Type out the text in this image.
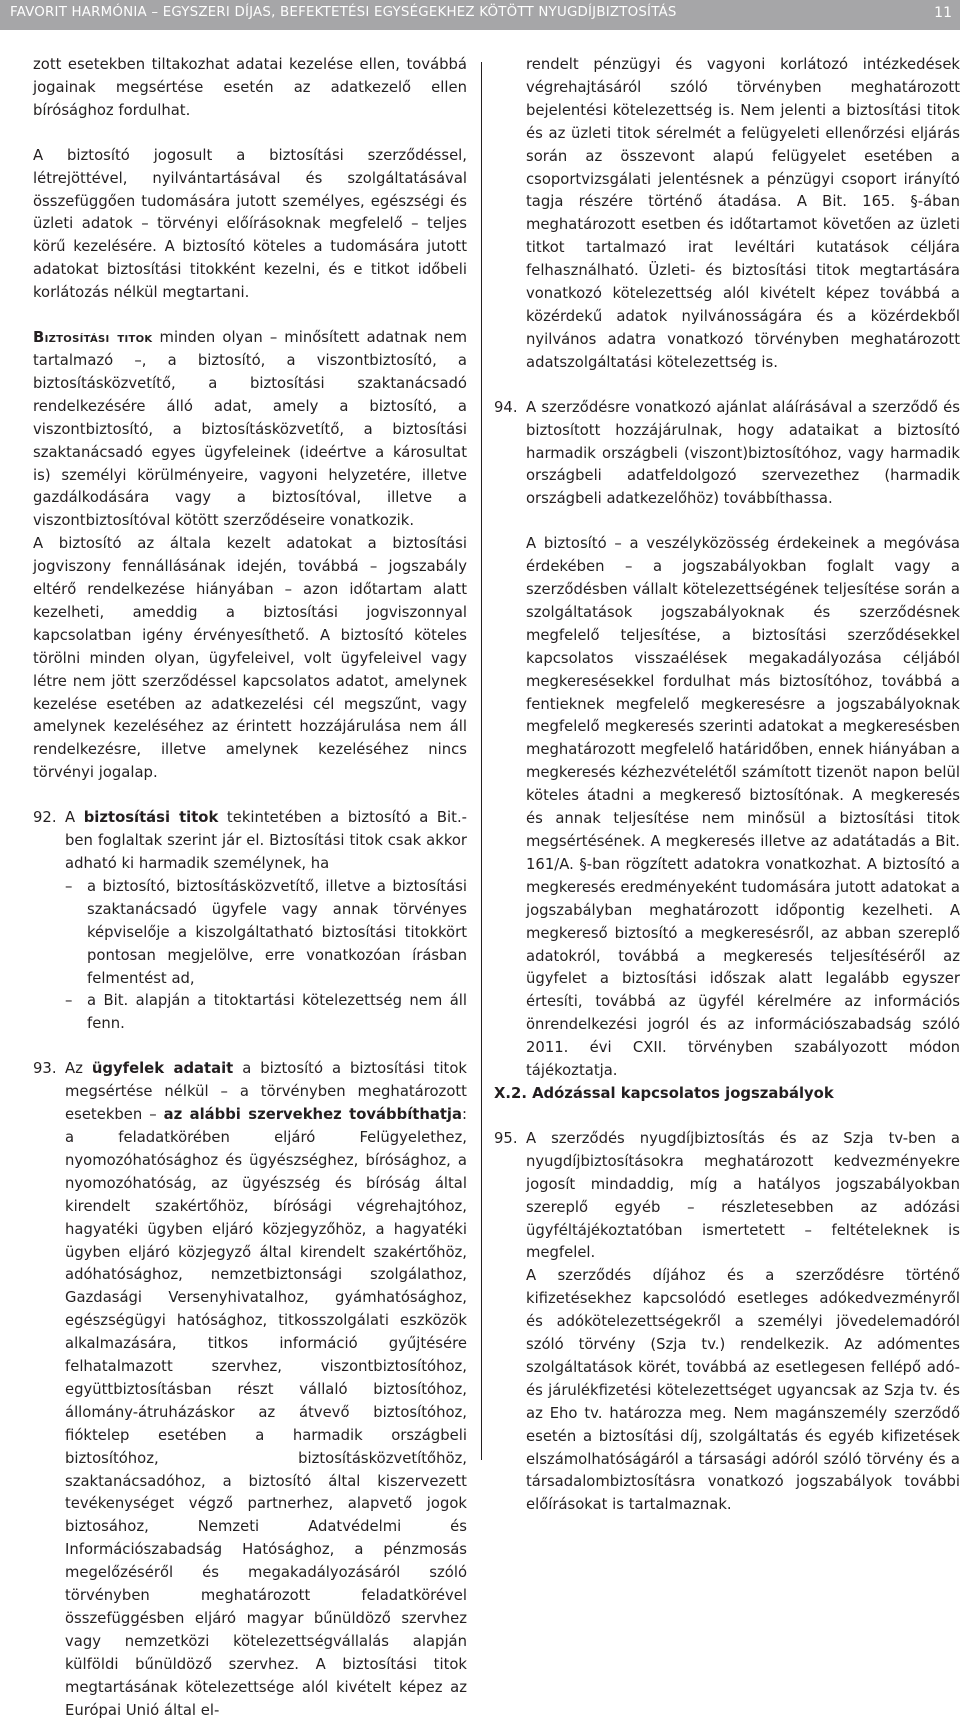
FAVORIT HARMÓNIA – EGYSZERI DÍJAS, BEFEKTETÉSI EGYSÉGEKHEZ KÖTÖTT NYUGDÍJBIZTOSÍTÁS	11

zott esetekben tiltakozhat adatai kezelése ellen, továbbá jogainak megsértése esetén az adatkezelő ellen bírósághoz fordulhat.

A biztosító jogosult a biztosítási szerződéssel, létrejöttével, nyilvántartásával és szolgáltatásával összefüggően tudomására jutott személyes, egészségi és üzleti adatok – törvényi előírásoknak megfelelő – teljes körű kezelésére. A biztosító köteles a tudomására jutott adatokat biztosítási titokként kezelni, és e titkot időbeli korlátozás nélkül megtartani.

Biztosítási titok minden olyan – minősített adatnak nem tartalmazó –, a biztosító, a viszontbiztosító, a biztosításközvetítő, a biztosítási szaktanácsadó rendelkezésére álló adat, amely a biztosító, a viszontbiztosító, a biztosításközvetítő, a biztosítási szaktanácsadó egyes ügyfeleinek (ideértve a károsultat is) személyi körülményeire, vagyoni helyzetére, illetve gazdálkodására vagy a biztosítóval, illetve a viszontbiztosítóval kötött szerződéseire vonatkozik.

A biztosító az általa kezelt adatokat a biztosítási jogviszony fennállásának idején, továbbá – jogszabály eltérő rendelkezése hiányában – azon időtartam alatt kezelheti, ameddig a biztosítási jogviszonnyal kapcsolatban igény érvényesíthető. A biztosító köteles törölni minden olyan, ügyfeleivel, volt ügyfeleivel vagy létre nem jött szerződéssel kapcsolatos adatot, amelynek kezelése esetében az adatkezelési cél megszűnt, vagy amelynek kezeléséhez az érintett hozzájárulása nem áll rendelkezésre, illetve amelynek kezeléséhez nincs törvényi jogalap.

92. A biztosítási titok tekintetében a biztosító a Bit.-ben foglaltak szerint jár el. Biztosítási titok csak akkor adható ki harmadik személynek, ha

– a biztosító, biztosításközvetítő, illetve a biztosítási szaktanácsadó ügyfele vagy annak törvényes képviselője a kiszolgáltatható biztosítási titokkört pontosan megjelölve, erre vonatkozóan írásban felmentést ad,

– a Bit. alapján a titoktartási kötelezettség nem áll fenn.

93. Az ügyfelek adatait a biztosító a biztosítási titok megsértése nélkül – a törvényben meghatározott esetekben – az alábbi szervekhez továbbíthatja: a feladatkörében eljáró Felügyelethez, nyomozóhatósághoz és ügyészséghez, bírósághoz, a nyomozóhatóság, az ügyészség és bíróság által kirendelt szakértőhöz, bírósági végrehajtóhoz, hagyatéki ügyben eljáró közjegyzőhöz, a hagyatéki ügyben eljáró közjegyző által kirendelt szakértőhöz, adóhatósághoz, nemzetbiztonsági szolgálathoz, Gazdasági Versenyhivatalhoz, gyámhatósághoz, egészségügyi hatósághoz, titkosszolgálati eszközök alkalmazására, titkos információ gyűjtésére felhatalmazott szervhez, viszontbiztosítóhoz, együttbiztosításban részt vállaló biztosítóhoz, állomány-átruházáskor az átvevő biztosítóhoz, fióktelep esetében a harmadik országbeli biztosítóhoz, biztosításközvetítőhöz, szaktanácsadóhoz, a biztosító által kiszervezett tevékenységet végző partnerhez, alapvető jogok biztosához, Nemzeti Adatvédelmi és Információszabadság Hatósághoz, a pénzmosás megelőzéséről és megakadályozásáról szóló törvényben meghatározott feladatkörével összefüggésben eljáró magyar bűnüldöző szervhez vagy nemzetközi kötelezettségvállalás alapján külföldi bűnüldöző szervhez. A biztosítási titok megtartásának kötelezettsége alól kivételt képez az Európai Unió által el-

rendelt pénzügyi és vagyoni korlátozó intézkedések végrehajtásáról szóló törvényben meghatározott bejelentési kötelezettség is. Nem jelenti a biztosítási titok és az üzleti titok sérelmét a felügyeleti ellenőrzési eljárás során az összevont alapú felügyelet esetében a csoportvizsgálati jelentésnek a pénzügyi csoport irányító tagja részére történő átadása. A Bit. 165. §-ában meghatározott esetben és időtartamot követően az üzleti titkot tartalmazó irat levéltári kutatások céljára felhasználható. Üzleti- és biztosítási titok megtartására vonatkozó kötelezettség alól kivételt képez továbbá a közérdekű adatok nyilvánosságára és a közérdekből nyilvános adatra vonatkozó törvényben meghatározott adatszolgáltatási kötelezettség is.

94. A szerződésre vonatkozó ajánlat aláírásával a szerződő és biztosított hozzájárulnak, hogy adataikat a biztosító harmadik országbeli (viszont)biztosítóhoz, vagy harmadik országbeli adatfeldolgozó szervezethez (harmadik országbeli adatkezelőhöz) továbbíthassa.

A biztosító – a veszélyközösség érdekeinek a megóvása érdekében – a jogszabályokban foglalt vagy a szerződésben vállalt kötelezettségének teljesítése során a szolgáltatások jogszabályoknak és szerződésnek megfelelő teljesítése, a biztosítási szerződésekkel kapcsolatos visszaélések megakadályozása céljából megkeresésekkel fordulhat más biztosítóhoz, továbbá a fentieknek megfelelő megkeresésre a jogszabályoknak megfelelő megkeresés szerinti adatokat a megkeresésben meghatározott megfelelő határidőben, ennek hiányában a megkeresés kézhezvételétől számított tizenöt napon belül köteles átadni a megkereső biztosítónak. A megkeresés és annak teljesítése nem minősül a biztosítási titok megsértésének. A megkeresés illetve az adatátadás a Bit. 161/A. §-ban rögzített adatokra vonatkozhat. A biztosító a megkeresés eredményeként tudomására jutott adatokat a jogszabályban meghatározott időpontig kezelheti. A megkereső biztosító a megkeresésről, az abban szereplő adatokról, továbbá a megkeresés teljesítéséről az ügyfelet a biztosítási időszak alatt legalább egyszer értesíti, továbbá az ügyfél kérelmére az információs önrendelkezési jogról és az információszabadság szóló 2011. évi CXII. törvényben szabályozott módon tájékoztatja.

X.2. Adózással kapcsolatos jogszabályok

95. A szerződés nyugdíjbiztosítás és az Szja tv-ben a nyugdíjbiztosításokra meghatározott kedvezményekre jogosít mindaddig, míg a hatályos jogszabályokban szereplő egyéb – részletesebben az adózási ügyféltájékoztatóban ismertetett – feltételeknek is megfelel.

A szerződés díjához és a szerződésre történő kifizetésekhez kapcsolódó esetleges adókedvezményről és adókötelezettségekről a személyi jövedelemadóról szóló törvény (Szja tv.) rendelkezik. Az adómentes szolgáltatások körét, továbbá az esetlegesen fellépő adó- és járulékfizetési kötelezettséget ugyancsak az Szja tv. és az Eho tv. határozza meg. Nem magánszemély szerződő esetén a biztosítási díj, szolgáltatás és egyéb kifizetések elszámolhatóságáról a társasági adóról szóló törvény és a társadalombiztosításra vonatkozó jogszabályok további előírásokat is tartalmaznak.
